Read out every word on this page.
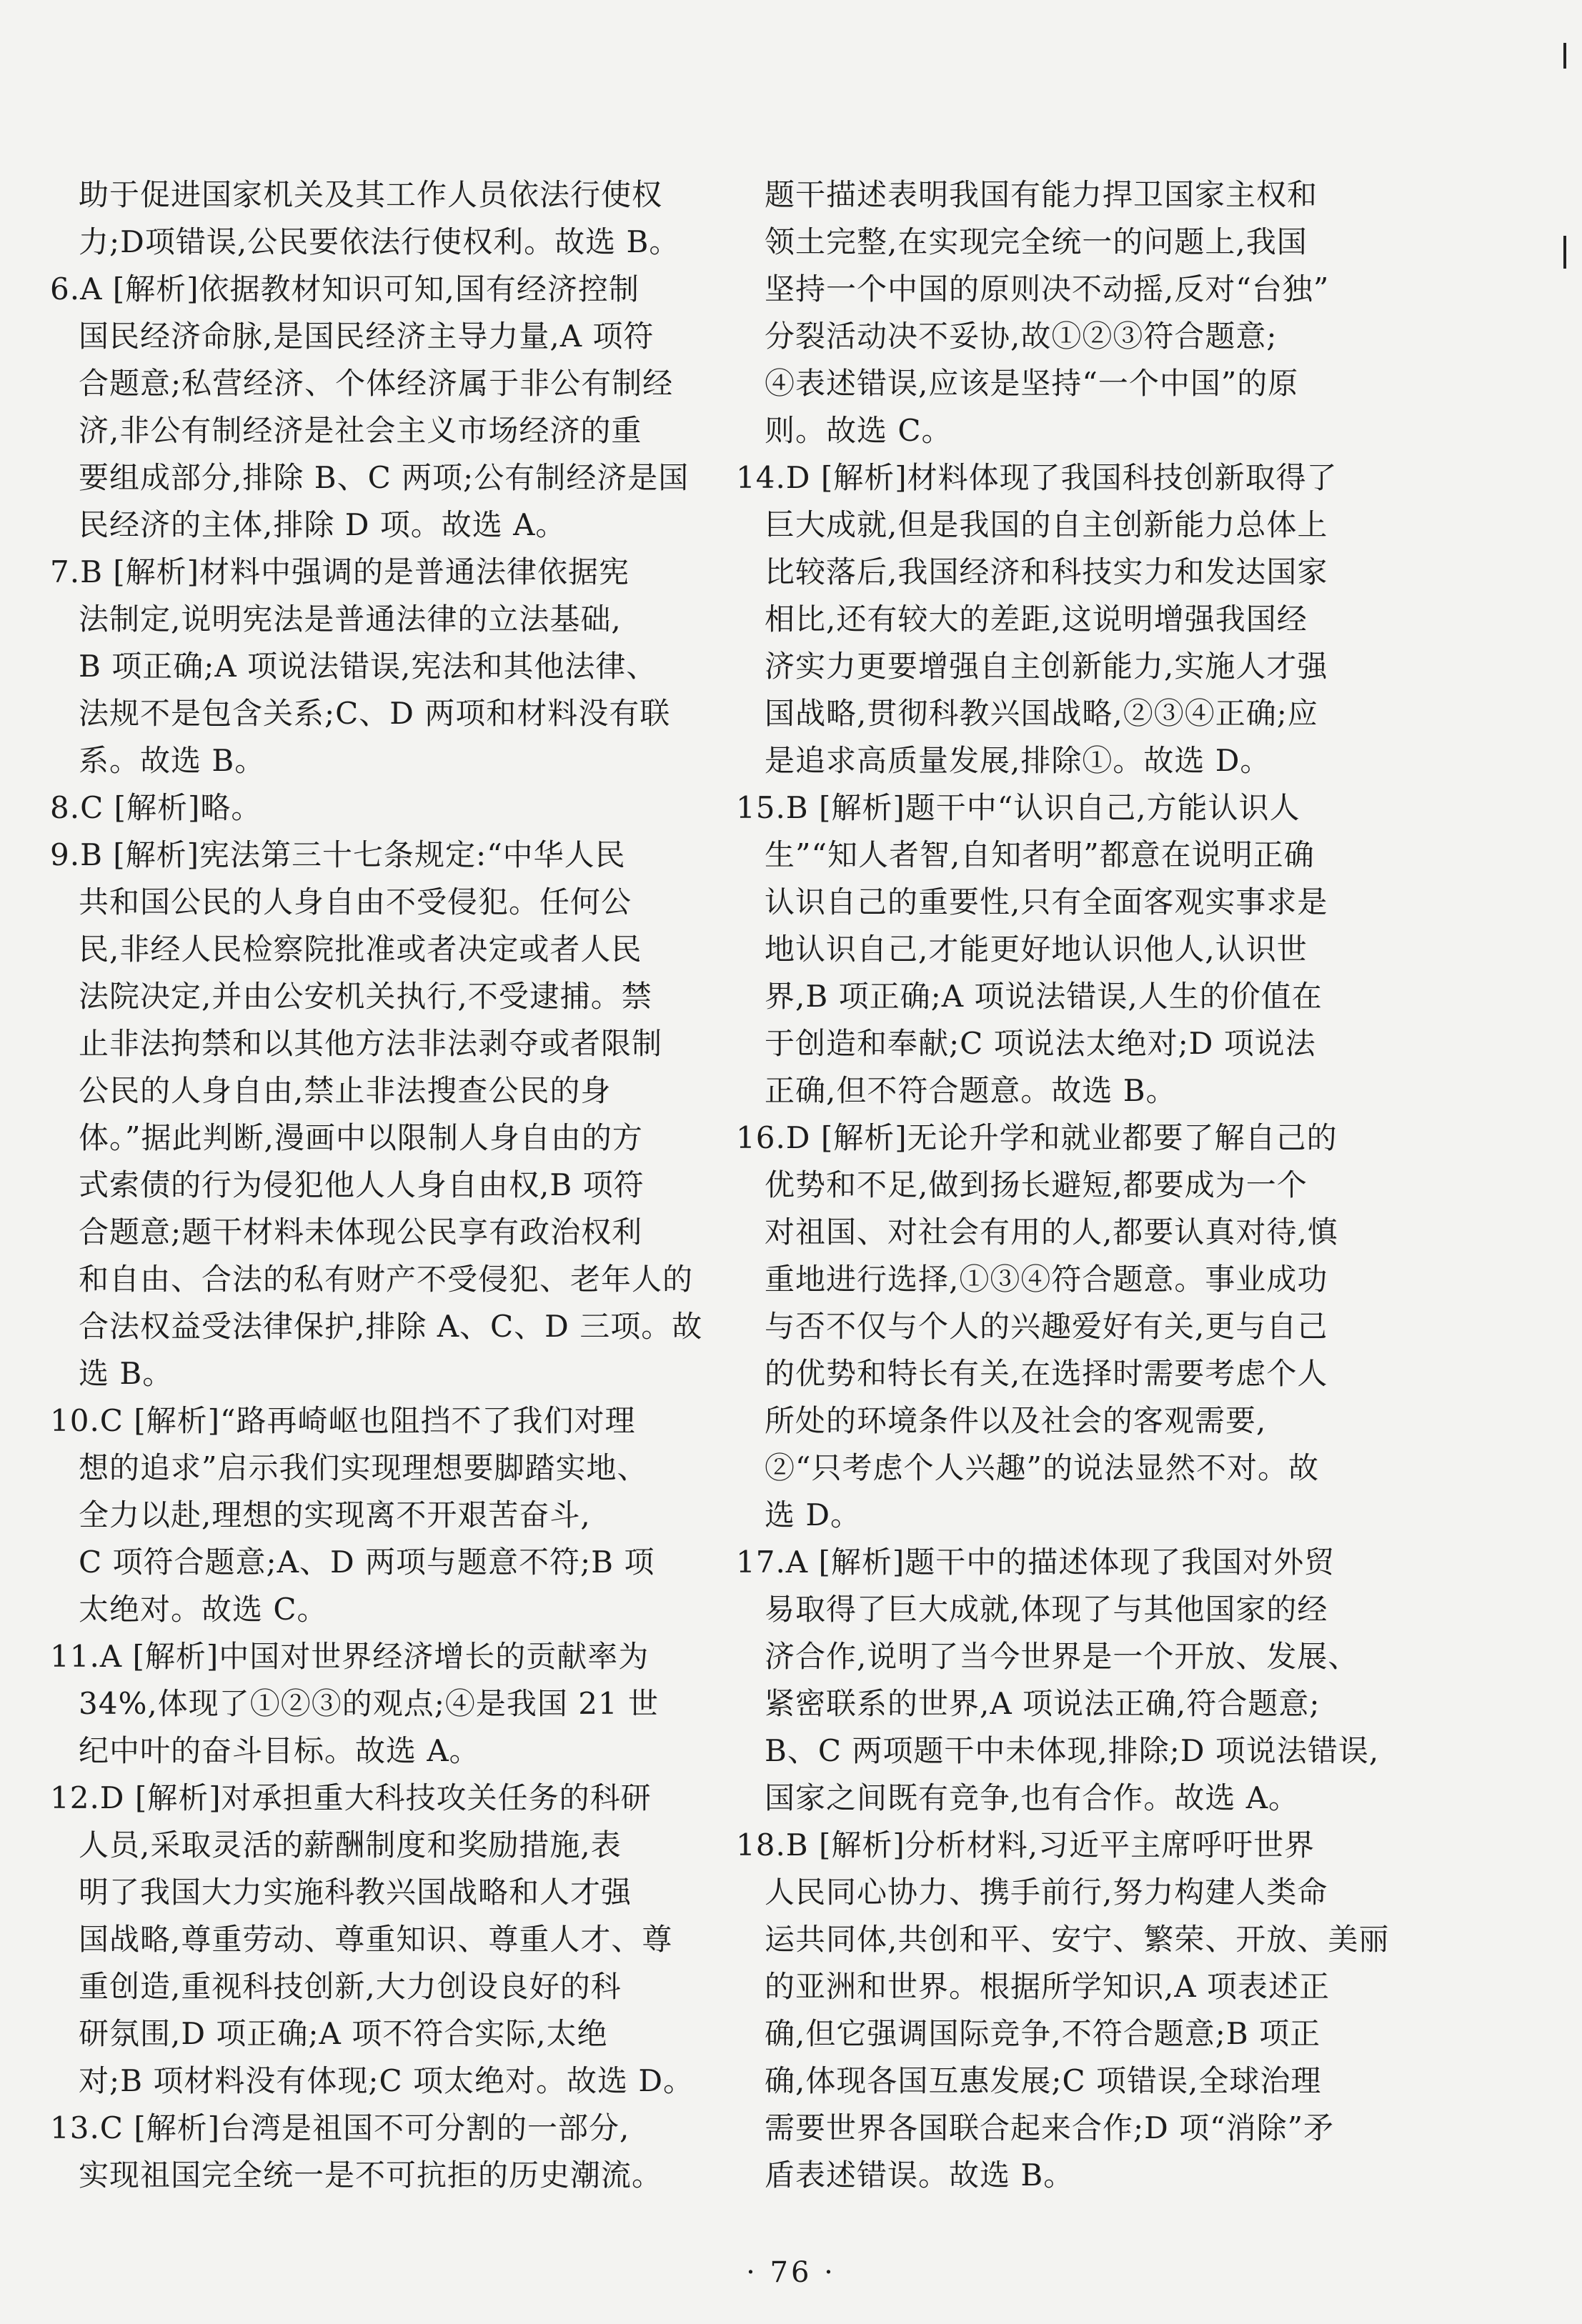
助于促进国家机关及其工作人员依法行使权
力;D项错误,公民要依法行使权利。故选 B。
6.A [解析]依据教材知识可知,国有经济控制
国民经济命脉,是国民经济主导力量,A 项符
合题意;私营经济、个体经济属于非公有制经
济,非公有制经济是社会主义市场经济的重
要组成部分,排除 B、C 两项;公有制经济是国
民经济的主体,排除 D 项。故选 A。
7.B [解析]材料中强调的是普通法律依据宪
法制定,说明宪法是普通法律的立法基础,
B 项正确;A 项说法错误,宪法和其他法律、
法规不是包含关系;C、D 两项和材料没有联
系。故选 B。
8.C [解析]略。
9.B [解析]宪法第三十七条规定:“中华人民
共和国公民的人身自由不受侵犯。任何公
民,非经人民检察院批准或者决定或者人民
法院决定,并由公安机关执行,不受逮捕。禁
止非法拘禁和以其他方法非法剥夺或者限制
公民的人身自由,禁止非法搜查公民的身
体。”据此判断,漫画中以限制人身自由的方
式索债的行为侵犯他人人身自由权,B 项符
合题意;题干材料未体现公民享有政治权利
和自由、合法的私有财产不受侵犯、老年人的
合法权益受法律保护,排除 A、C、D 三项。故
选 B。
10.C [解析]“路再崎岖也阻挡不了我们对理
想的追求”启示我们实现理想要脚踏实地、
全力以赴,理想的实现离不开艰苦奋斗,
C 项符合题意;A、D 两项与题意不符;B 项
太绝对。故选 C。
11.A [解析]中国对世界经济增长的贡献率为
34%,体现了①②③的观点;④是我国 21 世
纪中叶的奋斗目标。故选 A。
12.D [解析]对承担重大科技攻关任务的科研
人员,采取灵活的薪酬制度和奖励措施,表
明了我国大力实施科教兴国战略和人才强
国战略,尊重劳动、尊重知识、尊重人才、尊
重创造,重视科技创新,大力创设良好的科
研氛围,D 项正确;A 项不符合实际,太绝
对;B 项材料没有体现;C 项太绝对。故选 D。
13.C [解析]台湾是祖国不可分割的一部分,
实现祖国完全统一是不可抗拒的历史潮流。
题干描述表明我国有能力捍卫国家主权和
领土完整,在实现完全统一的问题上,我国
坚持一个中国的原则决不动摇,反对“台独”
分裂活动决不妥协,故①②③符合题意;
④表述错误,应该是坚持“一个中国”的原
则。故选 C。
14.D [解析]材料体现了我国科技创新取得了
巨大成就,但是我国的自主创新能力总体上
比较落后,我国经济和科技实力和发达国家
相比,还有较大的差距,这说明增强我国经
济实力更要增强自主创新能力,实施人才强
国战略,贯彻科教兴国战略,②③④正确;应
是追求高质量发展,排除①。故选 D。
15.B [解析]题干中“认识自己,方能认识人
生”“知人者智,自知者明”都意在说明正确
认识自己的重要性,只有全面客观实事求是
地认识自己,才能更好地认识他人,认识世
界,B 项正确;A 项说法错误,人生的价值在
于创造和奉献;C 项说法太绝对;D 项说法
正确,但不符合题意。故选 B。
16.D [解析]无论升学和就业都要了解自己的
优势和不足,做到扬长避短,都要成为一个
对祖国、对社会有用的人,都要认真对待,慎
重地进行选择,①③④符合题意。事业成功
与否不仅与个人的兴趣爱好有关,更与自己
的优势和特长有关,在选择时需要考虑个人
所处的环境条件以及社会的客观需要,
②“只考虑个人兴趣”的说法显然不对。故
选 D。
17.A [解析]题干中的描述体现了我国对外贸
易取得了巨大成就,体现了与其他国家的经
济合作,说明了当今世界是一个开放、发展、
紧密联系的世界,A 项说法正确,符合题意;
B、C 两项题干中未体现,排除;D 项说法错误,
国家之间既有竞争,也有合作。故选 A。
18.B [解析]分析材料,习近平主席呼吁世界
人民同心协力、携手前行,努力构建人类命
运共同体,共创和平、安宁、繁荣、开放、美丽
的亚洲和世界。根据所学知识,A 项表述正
确,但它强调国际竞争,不符合题意;B 项正
确,体现各国互惠发展;C 项错误,全球治理
需要世界各国联合起来合作;D 项“消除”矛
盾表述错误。故选 B。
· 76 ·
